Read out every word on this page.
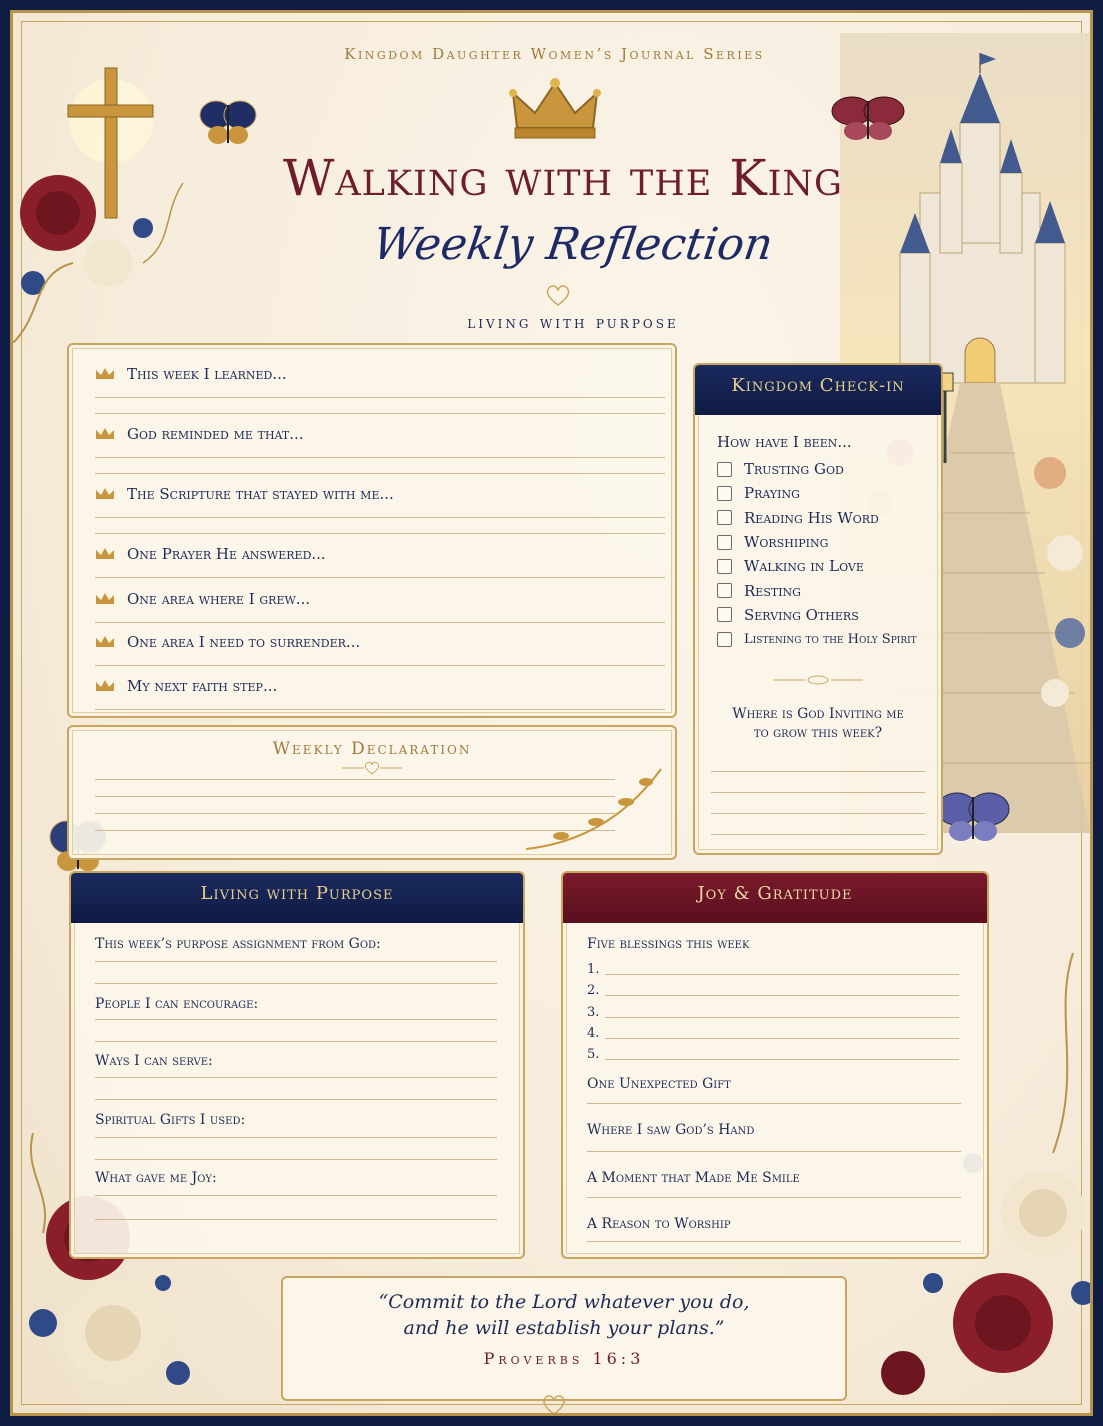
Kingdom Daughter Women’s Journal Series
Walking with the King
Weekly Reflection
living with purpose
This week I learned...
God reminded me that...
The Scripture that stayed with me...
One Prayer He answered...
One area where I grew...
One area I need to surrender...
My next faith step...
Weekly Declaration
Kingdom Check-in
How have I been...
Trusting God
Praying
Reading His Word
Worshiping
Walking in Love
Resting
Serving Others
Listening to the Holy Spirit
Where is God Inviting me
to grow this week?
Living with Purpose
This week’s purpose assignment from God:
People I can encourage:
Ways I can serve:
Spiritual Gifts I used:
What gave me Joy:
Joy & Gratitude
Five blessings this week
1.
2.
3.
4.
5.
One Unexpected Gift
Where I saw God’s Hand
A Moment that Made Me Smile
A Reason to Worship
“Commit to the Lord whatever you do,
and he will establish your plans.”
Proverbs 16:3
